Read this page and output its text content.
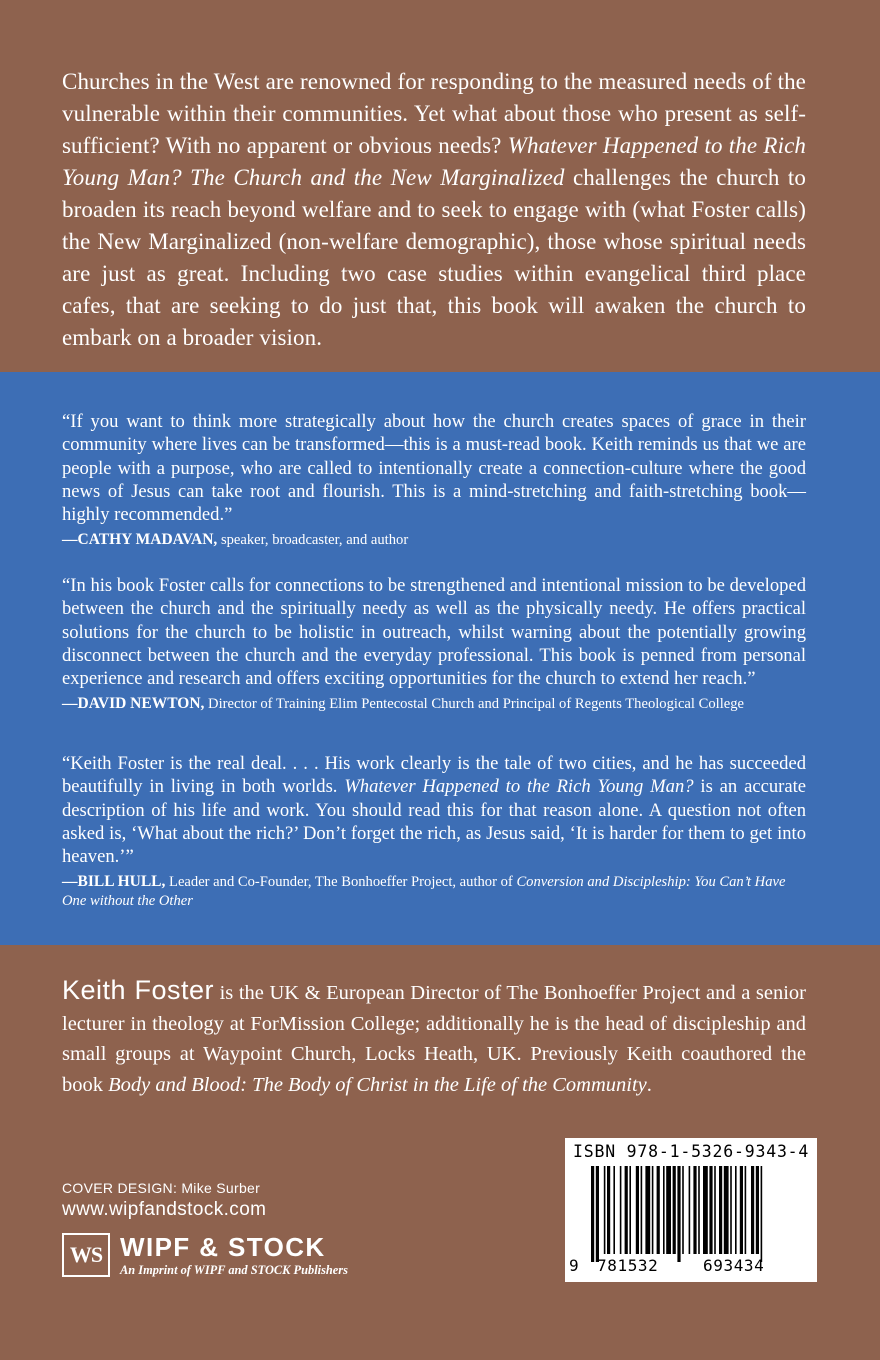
Churches in the West are renowned for responding to the measured needs of the vulnerable within their communities. Yet what about those who present as self-sufficient? With no apparent or obvious needs? Whatever Happened to the Rich Young Man? The Church and the New Marginalized challenges the church to broaden its reach beyond welfare and to seek to engage with (what Foster calls) the New Marginalized (non-welfare demographic), those whose spiritual needs are just as great. Including two case studies within evangelical third place cafes, that are seeking to do just that, this book will awaken the church to embark on a broader vision.

“If you want to think more strategically about how the church creates spaces of grace in their community where lives can be transformed—this is a must-read book. Keith reminds us that we are people with a purpose, who are called to intentionally create a connection-culture where the good news of Jesus can take root and flourish. This is a mind-stretching and faith-stretching book—highly recommended.”

—CATHY MADAVAN, speaker, broadcaster, and author

“In his book Foster calls for connections to be strengthened and intentional mission to be developed between the church and the spiritually needy as well as the physically needy. He offers practical solutions for the church to be holistic in outreach, whilst warning about the potentially growing disconnect between the church and the everyday professional. This book is penned from personal experience and research and offers exciting opportunities for the church to extend her reach.”

—DAVID NEWTON, Director of Training Elim Pentecostal Church and Principal of Regents Theological College

“Keith Foster is the real deal. . . . His work clearly is the tale of two cities, and he has succeeded beautifully in living in both worlds. Whatever Happened to the Rich Young Man? is an accurate description of his life and work. You should read this for that reason alone. A question not often asked is, ‘What about the rich?’ Don’t forget the rich, as Jesus said, ‘It is harder for them to get into heaven.’”

—BILL HULL, Leader and Co-Founder, The Bonhoeffer Project, author of Conversion and Discipleship: You Can’t Have One without the Other

Keith Foster is the UK & European Director of The Bonhoeffer Project and a senior lecturer in theology at ForMission College; additionally he is the head of discipleship and small groups at Waypoint Church, Locks Heath, UK. Previously Keith coauthored the book Body and Blood: The Body of Christ in the Life of the Community.

COVER DESIGN: Mike Surber
www.wipfandstock.com
WS WIPF & STOCK
An Imprint of WIPF and STOCK Publishers
ISBN 978-1-5326-9343-4
9 781532	693434
